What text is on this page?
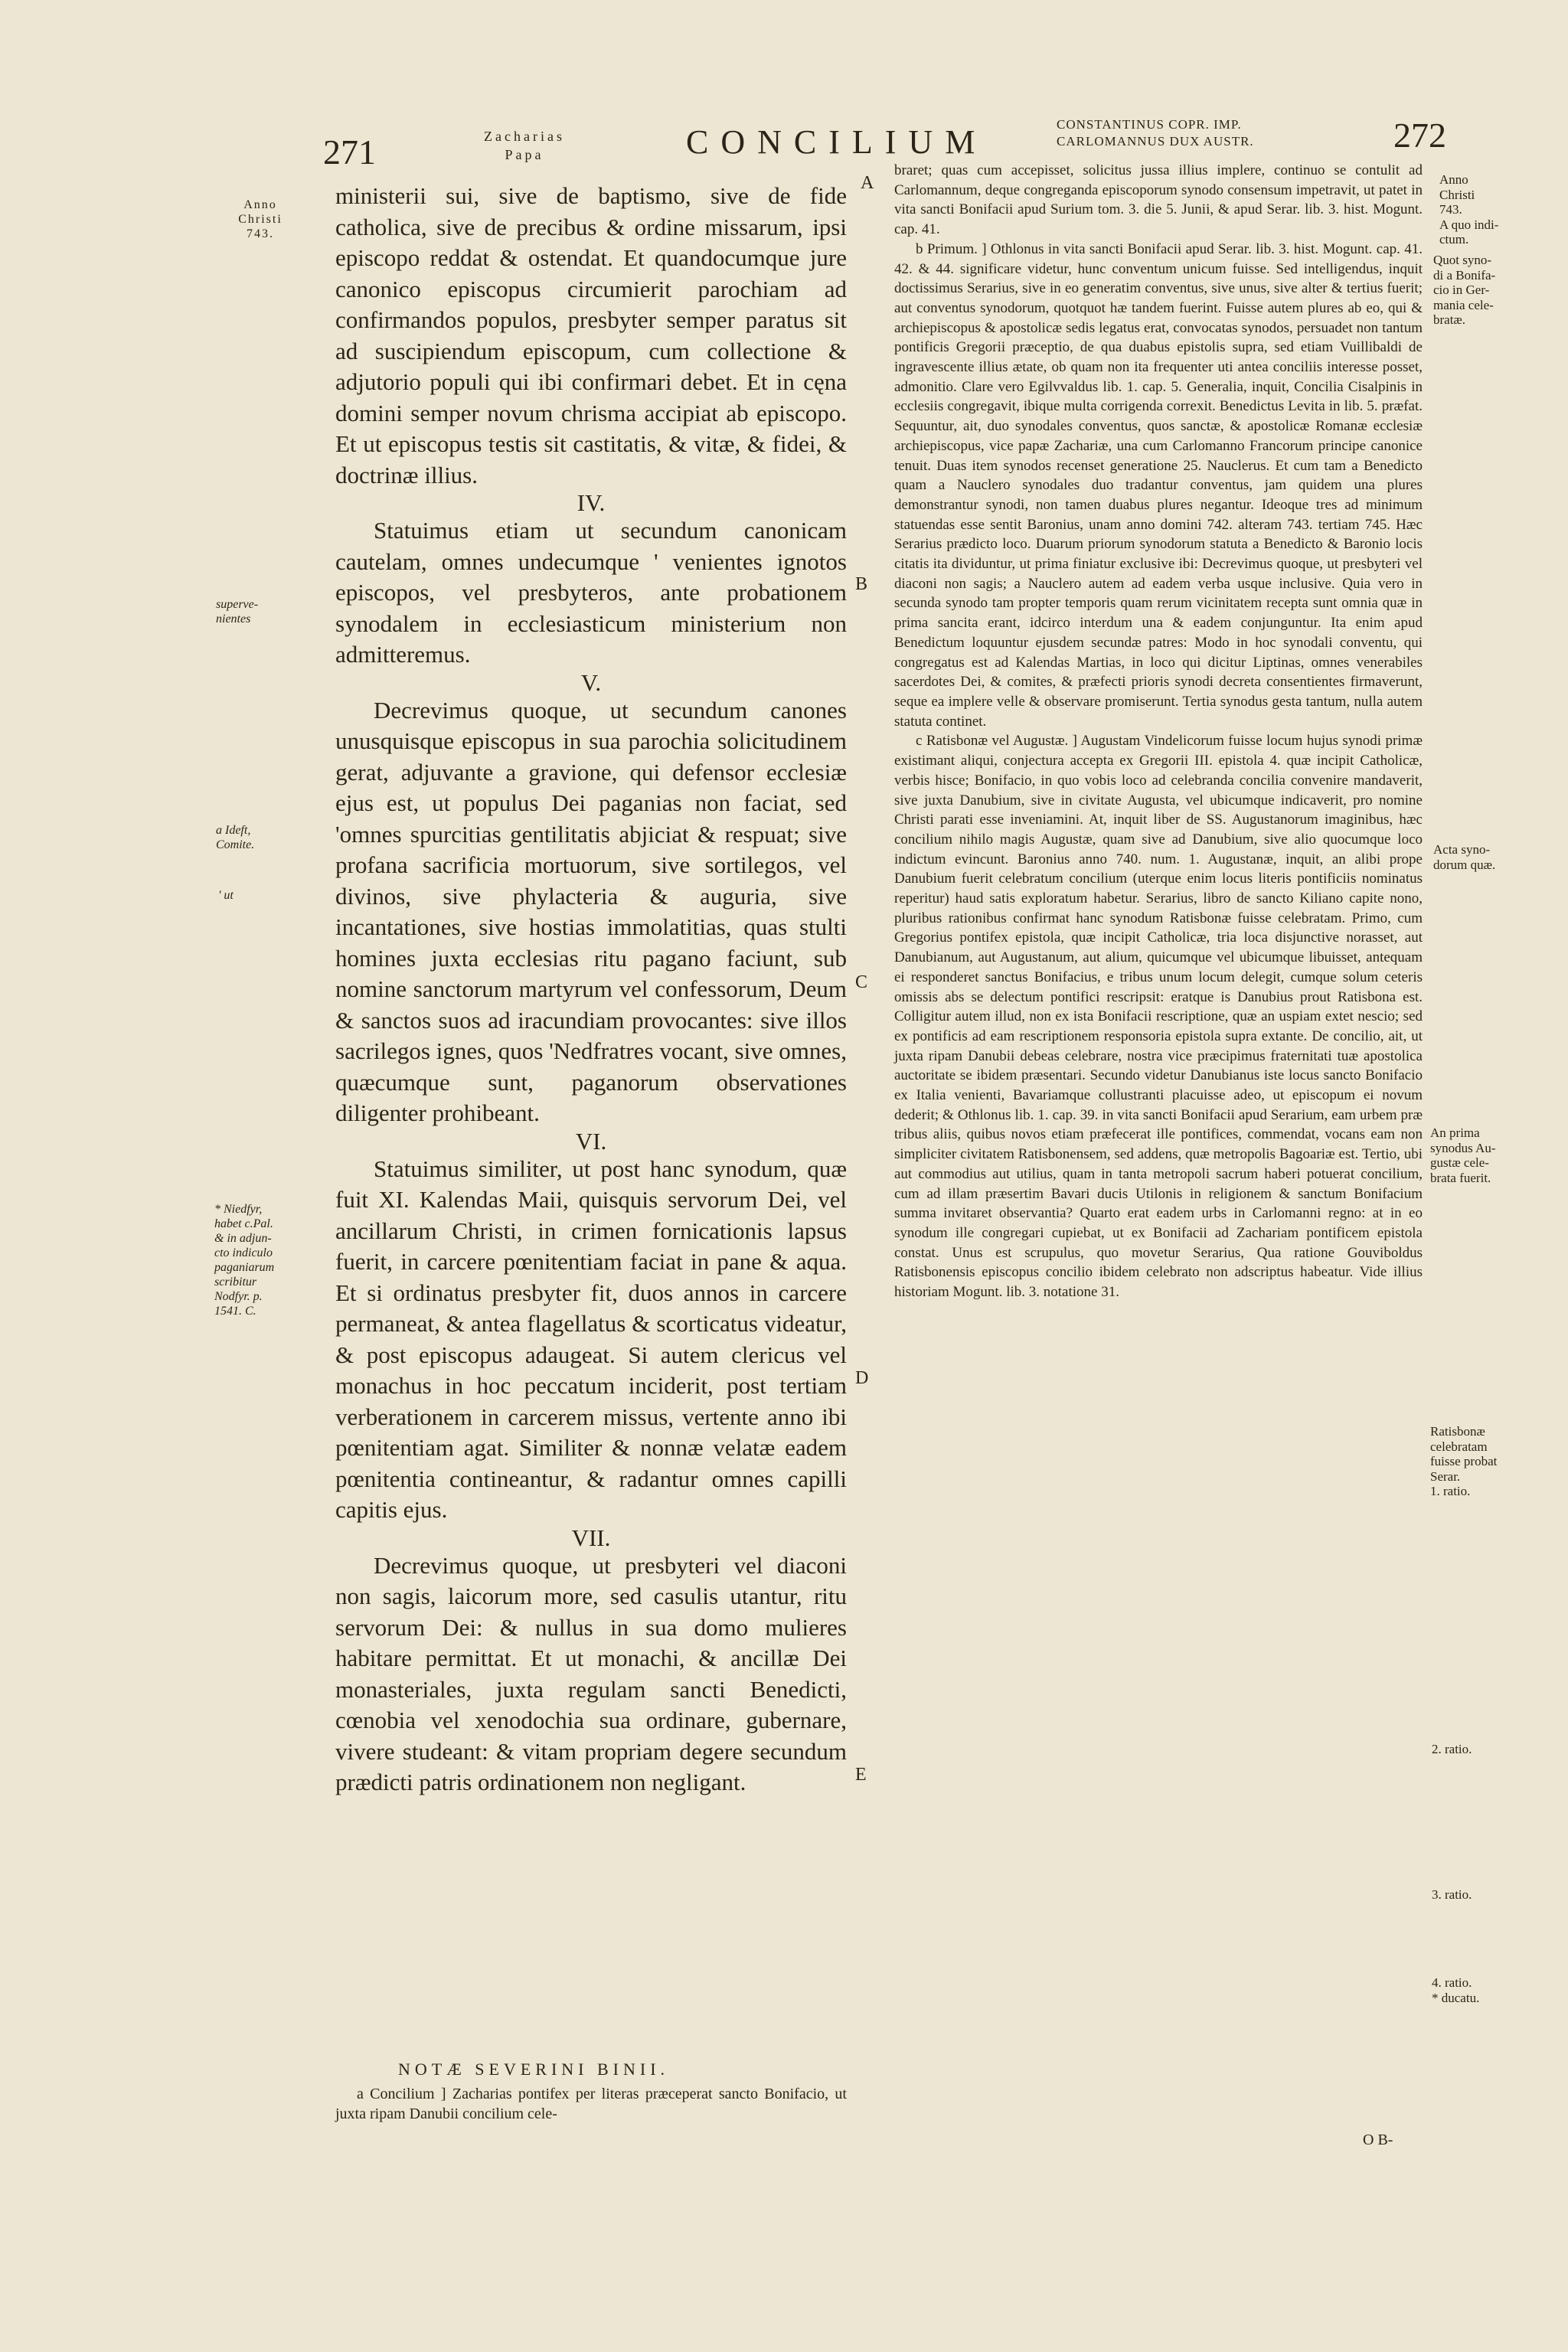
271	Zacharias
Papa	CONCILIUM	CONSTANTINUS COPR. IMP.
CARLOMANNUS DUX AUSTR.	272
Anno
Christi
743.
superve-
nientes
a Ideft,
Comite.
' ut
* Niedfyr,
habet c.Pal.
& in adjun-
cto indiculo
paganiarum
scribitur
Nodfyr. p.
1541. C.
A
B
C
D
E

ministerii sui, sive de baptismo, sive de fide catholica, sive de precibus & ordine missarum, ipsi episcopo reddat & ostendat. Et quandocumque jure canonico episcopus circumierit parochiam ad confirmandos populos, presbyter semper paratus sit ad suscipiendum episcopum, cum collectione & adjutorio populi qui ibi confirmari debet. Et in cęna domini semper novum chrisma accipiat ab episcopo. Et ut episcopus testis sit castitatis, & vitæ, & fidei, & doctrinæ illius.

IV.

Statuimus etiam ut secundum canonicam cautelam, omnes undecumque ' venientes ignotos episcopos, vel presbyteros, ante probationem synodalem in ecclesiasticum ministerium non admitteremus.

V.

Decrevimus quoque, ut secundum canones unusquisque episcopus in sua parochia solicitudinem gerat, adjuvante a gravione, qui defensor ecclesiæ ejus est, ut populus Dei paganias non faciat, sed 'omnes spurcitias gentilitatis abjiciat & respuat; sive profana sacrificia mortuorum, sive sortilegos, vel divinos, sive phylacteria & auguria, sive incantationes, sive hostias immolatitias, quas stulti homines juxta ecclesias ritu pagano faciunt, sub nomine sanctorum martyrum vel confessorum, Deum & sanctos suos ad iracundiam provocantes: sive illos sacrilegos ignes, quos 'Nedfratres vocant, sive omnes, quæcumque sunt, paganorum observationes diligenter prohibeant.

VI.

Statuimus similiter, ut post hanc synodum, quæ fuit XI. Kalendas Maii, quisquis servorum Dei, vel ancillarum Christi, in crimen fornicationis lapsus fuerit, in carcere pœnitentiam faciat in pane & aqua. Et si ordinatus presbyter fit, duos annos in carcere permaneat, & antea flagellatus & scorticatus videatur, & post episcopus adaugeat. Si autem clericus vel monachus in hoc peccatum inciderit, post tertiam verberationem in carcerem missus, vertente anno ibi pœnitentiam agat. Similiter & nonnæ velatæ eadem pœnitentia contineantur, & radantur omnes capilli capitis ejus.

VII.

Decrevimus quoque, ut presbyteri vel diaconi non sagis, laicorum more, sed casulis utantur, ritu servorum Dei: & nullus in sua domo mulieres habitare permittat. Et ut monachi, & ancillæ Dei monasteriales, juxta regulam sancti Benedicti, cœnobia vel xenodochia sua ordinare, gubernare, vivere studeant: & vitam propriam degere secundum prædicti patris ordinationem non negligant.

NOTÆ SEVERINI BINII.

a Concilium ] Zacharias pontifex per literas præceperat sancto Bonifacio, ut juxta ripam Danubii concilium cele-

braret; quas cum accepisset, solicitus jussa illius implere, continuo se contulit ad Carlomannum, deque congreganda episcoporum synodo consensum impetravit, ut patet in vita sancti Bonifacii apud Surium tom. 3. die 5. Junii, & apud Serar. lib. 3. hist. Mogunt. cap. 41.

b Primum. ] Othlonus in vita sancti Bonifacii apud Serar. lib. 3. hist. Mogunt. cap. 41. 42. & 44. significare videtur, hunc conventum unicum fuisse. Sed intelligendus, inquit doctissimus Serarius, sive in eo generatim conventus, sive unus, sive alter & tertius fuerit; aut conventus synodorum, quotquot hæ tandem fuerint. Fuisse autem plures ab eo, qui & archiepiscopus & apostolicæ sedis legatus erat, convocatas synodos, persuadet non tantum pontificis Gregorii præceptio, de qua duabus epistolis supra, sed etiam Vuillibaldi de ingravescente illius ætate, ob quam non ita frequenter uti antea conciliis interesse posset, admonitio. Clare vero Egilvvaldus lib. 1. cap. 5. Generalia, inquit, Concilia Cisalpinis in ecclesiis congregavit, ibique multa corrigenda correxit. Benedictus Levita in lib. 5. præfat. Sequuntur, ait, duo synodales conventus, quos sanctæ, & apostolicæ Romanæ ecclesiæ archiepiscopus, vice papæ Zachariæ, una cum Carlomanno Francorum principe canonice tenuit. Duas item synodos recenset generatione 25. Nauclerus. Et cum tam a Benedicto quam a Nauclero synodales duo tradantur conventus, jam quidem una plures demonstrantur synodi, non tamen duabus plures negantur. Ideoque tres ad minimum statuendas esse sentit Baronius, unam anno domini 742. alteram 743. tertiam 745. Hæc Serarius prædicto loco. Duarum priorum synodorum statuta a Benedicto & Baronio locis citatis ita dividuntur, ut prima finiatur exclusive ibi: Decrevimus quoque, ut presbyteri vel diaconi non sagis; a Nauclero autem ad eadem verba usque inclusive. Quia vero in secunda synodo tam propter temporis quam rerum vicinitatem recepta sunt omnia quæ in prima sancita erant, idcirco interdum una & eadem conjunguntur. Ita enim apud Benedictum loquuntur ejusdem secundæ patres: Modo in hoc synodali conventu, qui congregatus est ad Kalendas Martias, in loco qui dicitur Liptinas, omnes venerabiles sacerdotes Dei, & comites, & præfecti prioris synodi decreta consentientes firmaverunt, seque ea implere velle & observare promiserunt. Tertia synodus gesta tantum, nulla autem statuta continet.

c Ratisbonæ vel Augustæ. ] Augustam Vindelicorum fuisse locum hujus synodi primæ existimant aliqui, conjectura accepta ex Gregorii III. epistola 4. quæ incipit Catholicæ, verbis hisce; Bonifacio, in quo vobis loco ad celebranda concilia convenire mandaverit, sive juxta Danubium, sive in civitate Augusta, vel ubicumque indicaverit, pro nomine Christi parati esse inveniamini. At, inquit liber de SS. Augustanorum imaginibus, hæc concilium nihilo magis Augustæ, quam sive ad Danubium, sive alio quocumque loco indictum evincunt. Baronius anno 740. num. 1. Augustanæ, inquit, an alibi prope Danubium fuerit celebratum concilium (uterque enim locus literis pontificiis nominatus reperitur) haud satis exploratum habetur. Serarius, libro de sancto Kiliano capite nono, pluribus rationibus confirmat hanc synodum Ratisbonæ fuisse celebratam. Primo, cum Gregorius pontifex epistola, quæ incipit Catholicæ, tria loca disjunctive norasset, aut Danubianum, aut Augustanum, aut alium, quicumque vel ubicumque libuisset, antequam ei responderet sanctus Bonifacius, e tribus unum locum delegit, cumque solum ceteris omissis abs se delectum pontifici rescripsit: eratque is Danubius prout Ratisbona est. Colligitur autem illud, non ex ista Bonifacii rescriptione, quæ an uspiam extet nescio; sed ex pontificis ad eam rescriptionem responsoria epistola supra extante. De concilio, ait, ut juxta ripam Danubii debeas celebrare, nostra vice præcipimus fraternitati tuæ apostolica auctoritate se ibidem præsentari. Secundo videtur Danubianus iste locus sancto Bonifacio ex Italia venienti, Bavariamque collustranti placuisse adeo, ut episcopum ei novum dederit; & Othlonus lib. 1. cap. 39. in vita sancti Bonifacii apud Serarium, eam urbem præ tribus aliis, quibus novos etiam præfecerat ille pontifices, commendat, vocans eam non simpliciter civitatem Ratisbonensem, sed addens, quæ metropolis Bagoariæ est. Tertio, ubi aut commodius aut utilius, quam in tanta metropoli sacrum haberi potuerat concilium, cum ad illam præsertim Bavari ducis Utilonis in religionem & sanctum Bonifacium summa invitaret observantia? Quarto erat eadem urbs in Carlomanni regno: at in eo synodum ille congregari cupiebat, ut ex Bonifacii ad Zachariam pontificem epistola constat. Unus est scrupulus, quo movetur Serarius, Qua ratione Gouviboldus Ratisbonensis episcopus concilio ibidem celebrato non adscriptus habeatur. Vide illius historiam Mogunt. lib. 3. notatione 31.

Anno
Christi
743.
A quo indi-
ctum.
Quot syno-
di a Bonifa-
cio in Ger-
mania cele-
bratæ.
Acta syno-
dorum quæ.
An prima
synodus Au-
gustæ cele-
brata fuerit.
Ratisbonæ
celebratam
fuisse probat
Serar.
1. ratio.
2. ratio.
3. ratio.
4. ratio.
* ducatu.
O B-
